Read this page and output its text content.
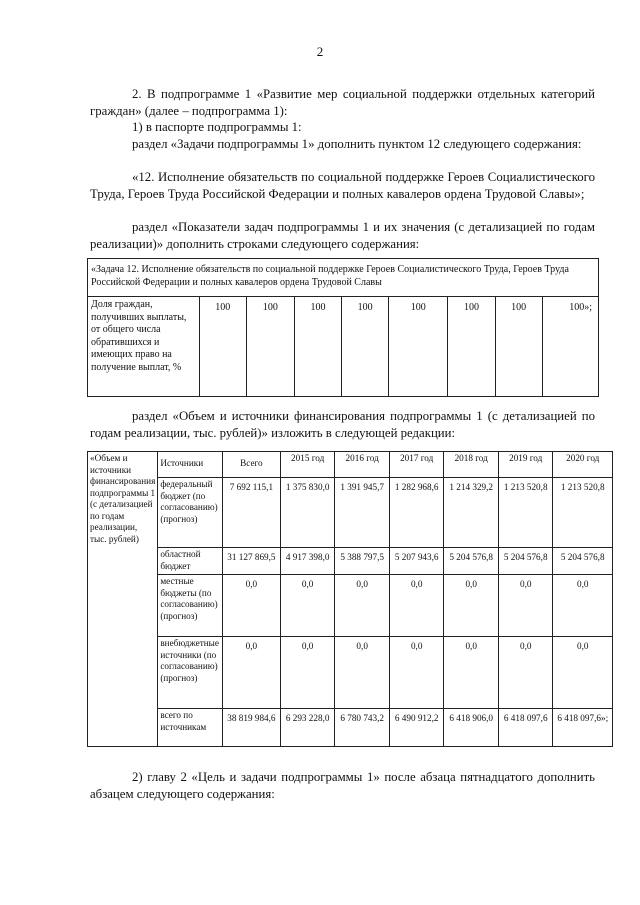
2
2. В подпрограмме 1 «Развитие мер социальной поддержки отдельных категорий граждан» (далее – подпрограмма 1):
1) в паспорте подпрограммы 1:
раздел «Задачи подпрограммы 1» дополнить пунктом 12 следующего содержания:
«12. Исполнение обязательств по социальной поддержке Героев Социалистического Труда, Героев Труда Российской Федерации и полных кавалеров ордена Трудовой Славы»;
раздел «Показатели задач подпрограммы 1 и их значения (с детализацией по годам реализации)» дополнить строками следующего содержания:
«Задача 12. Исполнение обязательств по социальной поддержке Героев Социалистического Труда, Героев Труда Российской Федерации и полных кавалеров ордена Трудовой Славы
Доля граждан, получивших выплаты, от общего числа обратившихся и имеющих право на получение выплат, %	100	100	100	100	100	100	100	100»;
раздел «Объем и источники финансирования подпрограммы 1 (с детализацией по годам реализации, тыс. рублей)» изложить в следующей редакции:
«Объем и источники финансирования подпрограммы 1 (с детализацией по годам реализации, тыс. рублей)	Источники	Всего	2015 год	2016 год	2017 год	2018 год	2019 год	2020 год
	федеральный бюджет (по согласованию) (прогноз)	7 692 115,1	1 375 830,0	1 391 945,7	1 282 968,6	1 214 329,2	1 213 520,8	1 213 520,8
	областной бюджет	31 127 869,5	4 917 398,0	5 388 797,5	5 207 943,6	5 204 576,8	5 204 576,8	5 204 576,8
	местные бюджеты (по согласованию) (прогноз)	0,0	0,0	0,0	0,0	0,0	0,0	0,0
	внебюджетные источники (по согласованию) (прогноз)	0,0	0,0	0,0	0,0	0,0	0,0	0,0
	всего по источникам	38 819 984,6	6 293 228,0	6 780 743,2	6 490 912,2	6 418 906,0	6 418 097,6	6 418 097,6»;
2) главу 2 «Цель и задачи подпрограммы 1» после абзаца пятнадцатого дополнить абзацем следующего содержания:
